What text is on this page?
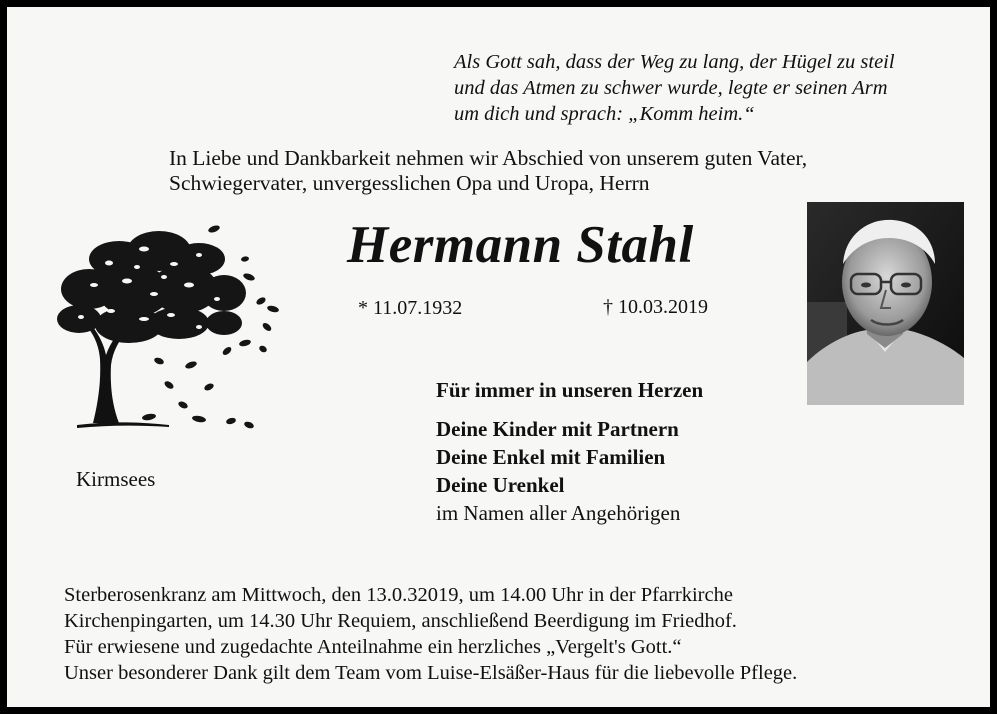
Als Gott sah, dass der Weg zu lang, der Hügel zu steil
und das Atmen zu schwer wurde, legte er seinen Arm
um dich und sprach: „Komm heim.“
In Liebe und Dankbarkeit nehmen wir Abschied von unserem guten Vater,
Schwiegervater, unvergesslichen Opa und Uropa, Herrn
Hermann Stahl
* 11.07.1932	† 10.03.2019
Kirmsees
Für immer in unseren Herzen
Deine Kinder mit Partnern
Deine Enkel mit Familien
Deine Urenkel
im Namen aller Angehörigen
Sterberosenkranz am Mittwoch, den 13.0.32019, um 14.00 Uhr in der Pfarrkirche
Kirchenpingarten, um 14.30 Uhr Requiem, anschließend Beerdigung im Friedhof.
Für erwiesene und zugedachte Anteilnahme ein herzliches „Vergelt's Gott.“
Unser besonderer Dank gilt dem Team vom Luise-Elsäßer-Haus für die liebevolle Pflege.
